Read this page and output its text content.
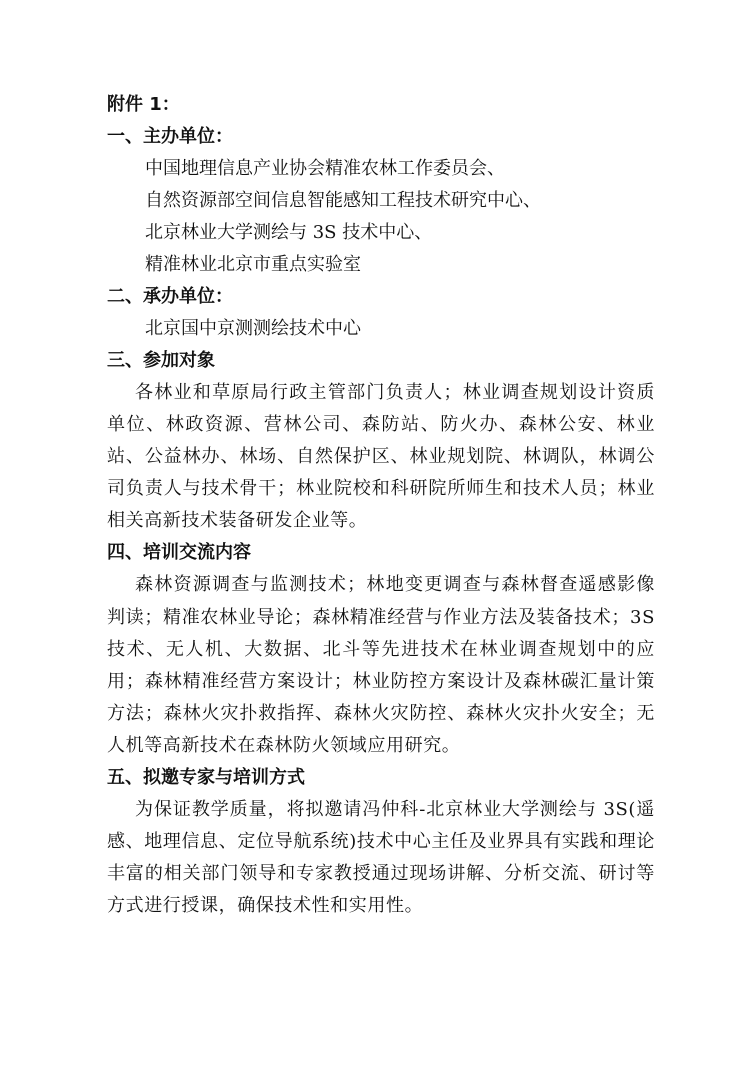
附件 1：
一、主办单位：
中国地理信息产业协会精准农林工作委员会、
自然资源部空间信息智能感知工程技术研究中心、
北京林业大学测绘与 3S 技术中心、
精准林业北京市重点实验室
二、承办单位：
北京国中京测测绘技术中心
三、参加对象

各林业和草原局行政主管部门负责人；林业调查规划设计资质单位、林政资源、营林公司、森防站、防火办、森林公安、林业站、公益林办、林场、自然保护区、林业规划院、林调队，林调公司负责人与技术骨干；林业院校和科研院所师生和技术人员；林业相关高新技术装备研发企业等。

四、培训交流内容

森林资源调查与监测技术；林地变更调查与森林督查遥感影像判读；精准农林业导论；森林精准经营与作业方法及装备技术；3S 技术、无人机、大数据、北斗等先进技术在林业调查规划中的应用；森林精准经营方案设计；林业防控方案设计及森林碳汇量计策方法；森林火灾扑救指挥、森林火灾防控、森林火灾扑火安全；无人机等高新技术在森林防火领域应用研究。

五、拟邀专家与培训方式

为保证教学质量，将拟邀请冯仲科-北京林业大学测绘与 3S(遥感、地理信息、定位导航系统)技术中心主任及业界具有实践和理论丰富的相关部门领导和专家教授通过现场讲解、分析交流、研讨等方式进行授课，确保技术性和实用性。
